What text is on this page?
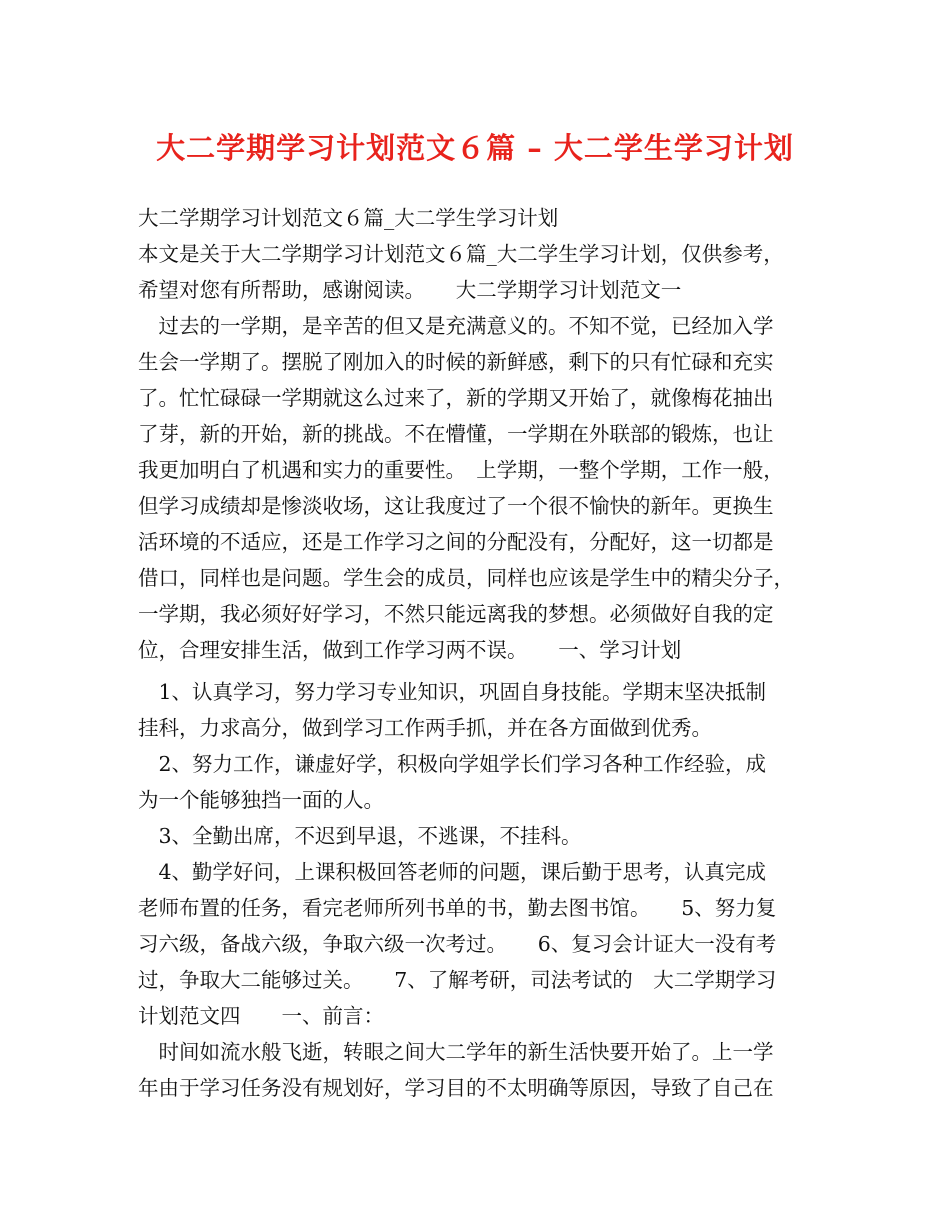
大二学期学习计划范文６篇 – 大二学生学习计划
大二学期学习计划范文６篇_大二学生学习计划
本文是关于大二学期学习计划范文６篇_大二学生学习计划，仅供参考，
希望对您有所帮助，感谢阅读。　　大二学期学习计划范文一
　过去的一学期，是辛苦的但又是充满意义的。不知不觉，已经加入学
生会一学期了。摆脱了刚加入的时候的新鲜感，剩下的只有忙碌和充实
了。忙忙碌碌一学期就这么过来了，新的学期又开始了，就像梅花抽出
了芽，新的开始，新的挑战。不在懵懂，一学期在外联部的锻炼，也让
我更加明白了机遇和实力的重要性。　上学期，一整个学期，工作一般，
但学习成绩却是惨淡收场，这让我度过了一个很不愉快的新年。更换生
活环境的不适应，还是工作学习之间的分配没有，分配好，这一切都是
借口，同样也是问题。学生会的成员，同样也应该是学生中的精尖分子，
一学期，我必须好好学习，不然只能远离我的梦想。必须做好自我的定
位，合理安排生活，做到工作学习两不误。　　一、学习计划
　1、认真学习，努力学习专业知识，巩固自身技能。学期末坚决抵制
挂科，力求高分，做到学习工作两手抓，并在各方面做到优秀。
　2、努力工作，谦虚好学，积极向学姐学长们学习各种工作经验，成
为一个能够独挡一面的人。
　3、全勤出席，不迟到早退，不逃课，不挂科。
　4、勤学好问，上课积极回答老师的问题，课后勤于思考，认真完成
老师布置的任务，看完老师所列书单的书，勤去图书馆。　　5、努力复
习六级，备战六级，争取六级一次考过。　　6、复习会计证大一没有考
过，争取大二能够过关。　　7、了解考研，司法考试的　大二学期学习
计划范文四　　一、前言：
　时间如流水般飞逝，转眼之间大二学年的新生活快要开始了。上一学
年由于学习任务没有规划好，学习目的不太明确等原因，导致了自己在
